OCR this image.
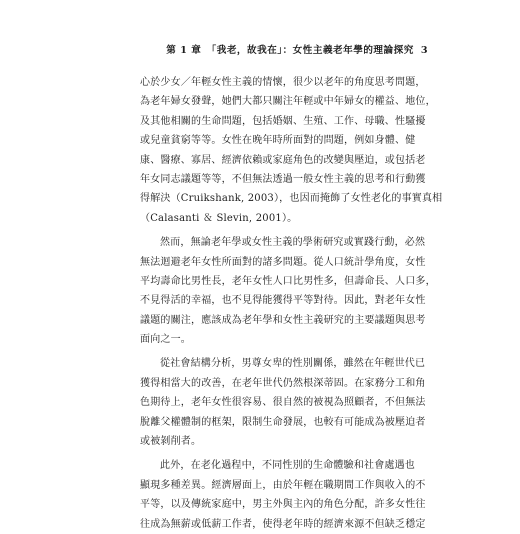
第 1 章　「我老，故我在」：女性主義老年學的理論探究 3
心於少女／年輕女性主義的情懷，很少以老年的角度思考問題，
為老年婦女發聲，她們大都只關注年輕或中年婦女的權益、地位，
及其他相關的生命問題，包括婚姻、生殖、工作、母職、性騷擾
或兒童貧窮等等。女性在晚年時所面對的問題，例如身體、健
康、醫療、寡居、經濟依賴或家庭角色的改變與壓迫，或包括老
年女同志議題等等，不但無法透過一般女性主義的思考和行動獲
得解決（Cruikshank, 2003），也因而掩飾了女性老化的事實真相
（Calasanti ＆ Slevin, 2001）。
然而，無論老年學或女性主義的學術研究或實踐行動，必然
無法迴避老年女性所面對的諸多問題。從人口統計學角度，女性
平均壽命比男性長，老年女性人口比男性多，但壽命長、人口多，
不見得活的幸福，也不見得能獲得平等對待。因此，對老年女性
議題的關注，應該成為老年學和女性主義研究的主要議題與思考
面向之一。
從社會結構分析，男尊女卑的性別關係，雖然在年輕世代已
獲得相當大的改善，在老年世代仍然根深蒂固。在家務分工和角
色期待上，老年女性很容易、很自然的被視為照顧者，不但無法
脫離父權體制的框架，限制生命發展，也較有可能成為被壓迫者
或被剝削者。
此外，在老化過程中，不同性別的生命體驗和社會處遇也
顯現多種差異。經濟層面上，由於年輕在職期間工作與收入的不
平等，以及傳統家庭中，男主外與主內的角色分配，許多女性往
往成為無薪或低薪工作者，使得老年時的經濟來源不但缺乏穩定
